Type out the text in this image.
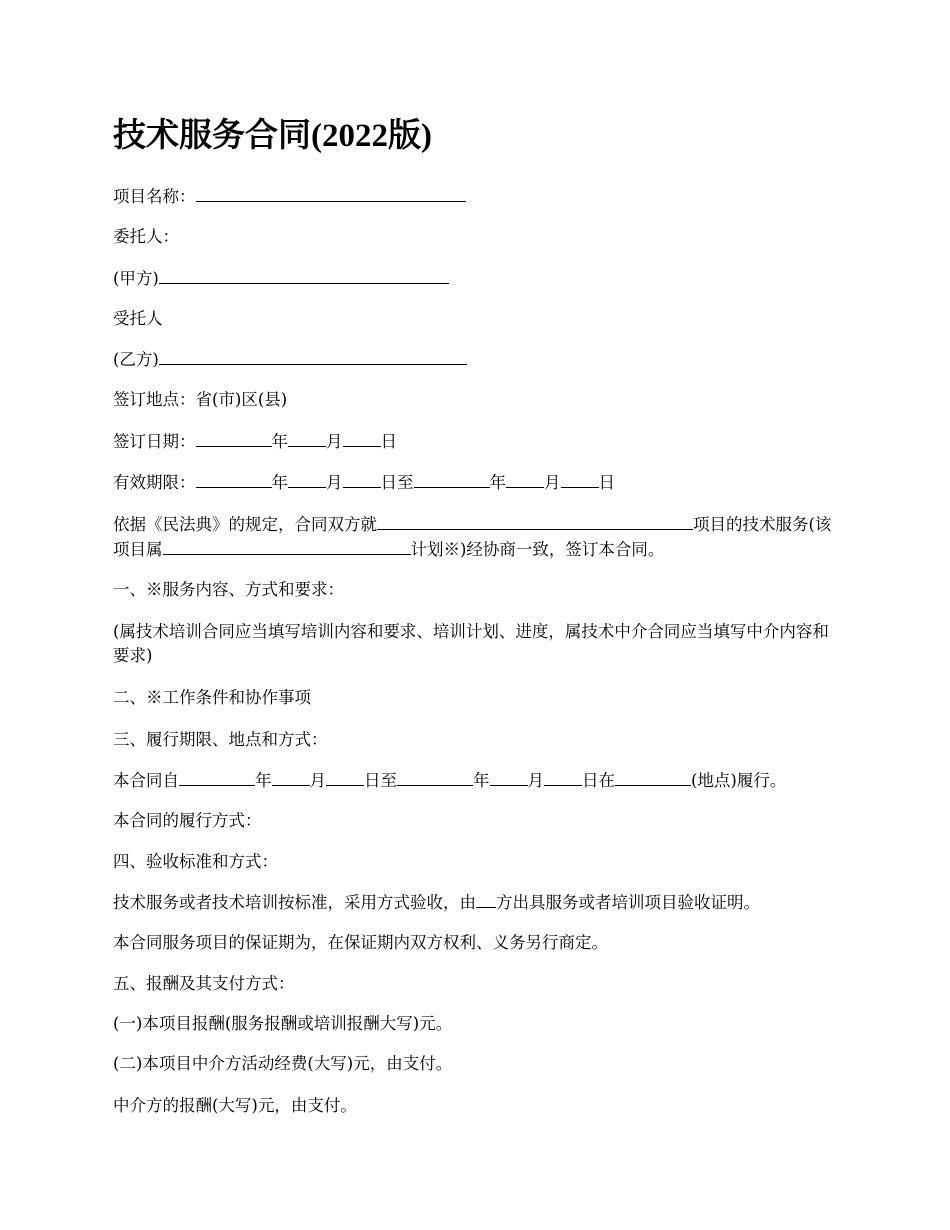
技术服务合同(2022版)

项目名称：

委托人：

(甲方)

受托人

(乙方)

签订地点：省(市)区(县)

签订日期：	年 月 日

有效期限：	年 月 日至	年 月 日

依据《民法典》的规定，合同双方就	项目的技术服务(该项目属	计划※)经协商一致，签订本合同。

一、※服务内容、方式和要求：

(属技术培训合同应当填写培训内容和要求、培训计划、进度，属技术中介合同应当填写中介内容和要求)

二、※工作条件和协作事项

三、履行期限、地点和方式：

本合同自	年 月 日至	年 月 日在	(地点)履行。

本合同的履行方式：

四、验收标准和方式：

技术服务或者技术培训按标准，采用方式验收，由 方出具服务或者培训项目验收证明。

本合同服务项目的保证期为，在保证期内双方权利、义务另行商定。

五、报酬及其支付方式：

(一)本项目报酬(服务报酬或培训报酬大写)元。

(二)本项目中介方活动经费(大写)元，由支付。

中介方的报酬(大写)元，由支付。
